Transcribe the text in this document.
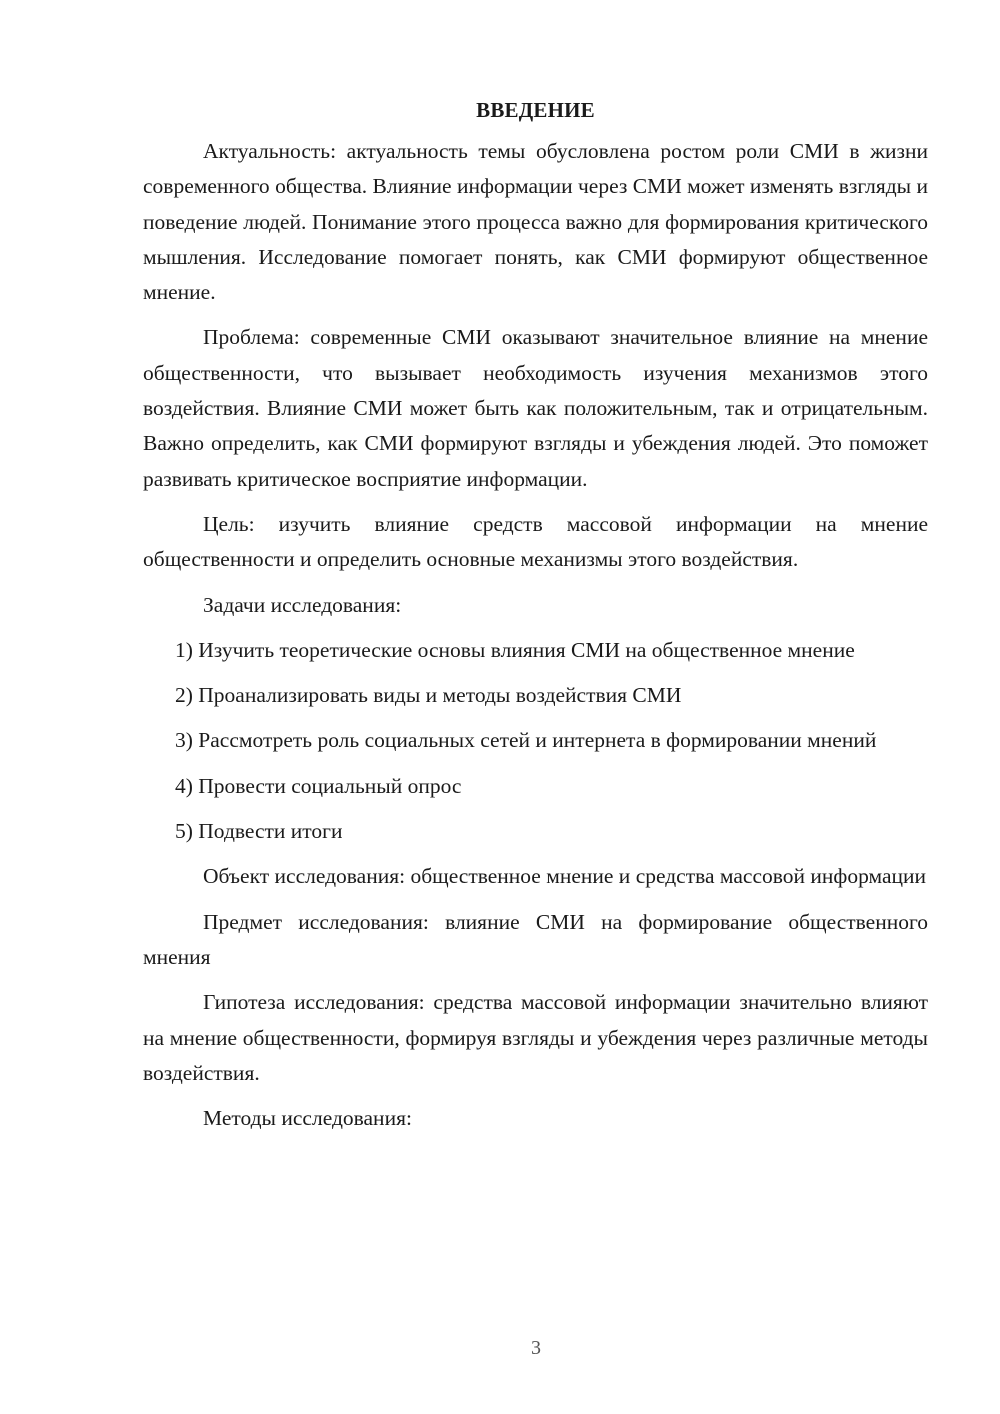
ВВЕДЕНИЕ

Актуальность: актуальность темы обусловлена ростом роли СМИ в жизни современного общества. Влияние информации через СМИ может изменять взгляды и поведение людей. Понимание этого процесса важно для формирования критического мышления. Исследование помогает понять, как СМИ формируют общественное мнение.

Проблема: современные СМИ оказывают значительное влияние на мнение общественности, что вызывает необходимость изучения механизмов этого воздействия. Влияние СМИ может быть как положительным, так и отрицательным. Важно определить, как СМИ формируют взгляды и убеждения людей. Это поможет развивать критическое восприятие информации.

Цель: изучить влияние средств массовой информации на мнение общественности и определить основные механизмы этого воздействия.

Задачи исследования:

1) Изучить теоретические основы влияния СМИ на общественное мнение

2) Проанализировать виды и методы воздействия СМИ

3) Рассмотреть роль социальных сетей и интернета в формировании мнений

4) Провести социальный опрос

5) Подвести итоги

Объект исследования: общественное мнение и средства массовой информации

Предмет исследования: влияние СМИ на формирование общественного мнения

Гипотеза исследования: средства массовой информации значительно влияют на мнение общественности, формируя взгляды и убеждения через различные методы воздействия.

Методы исследования:

3
